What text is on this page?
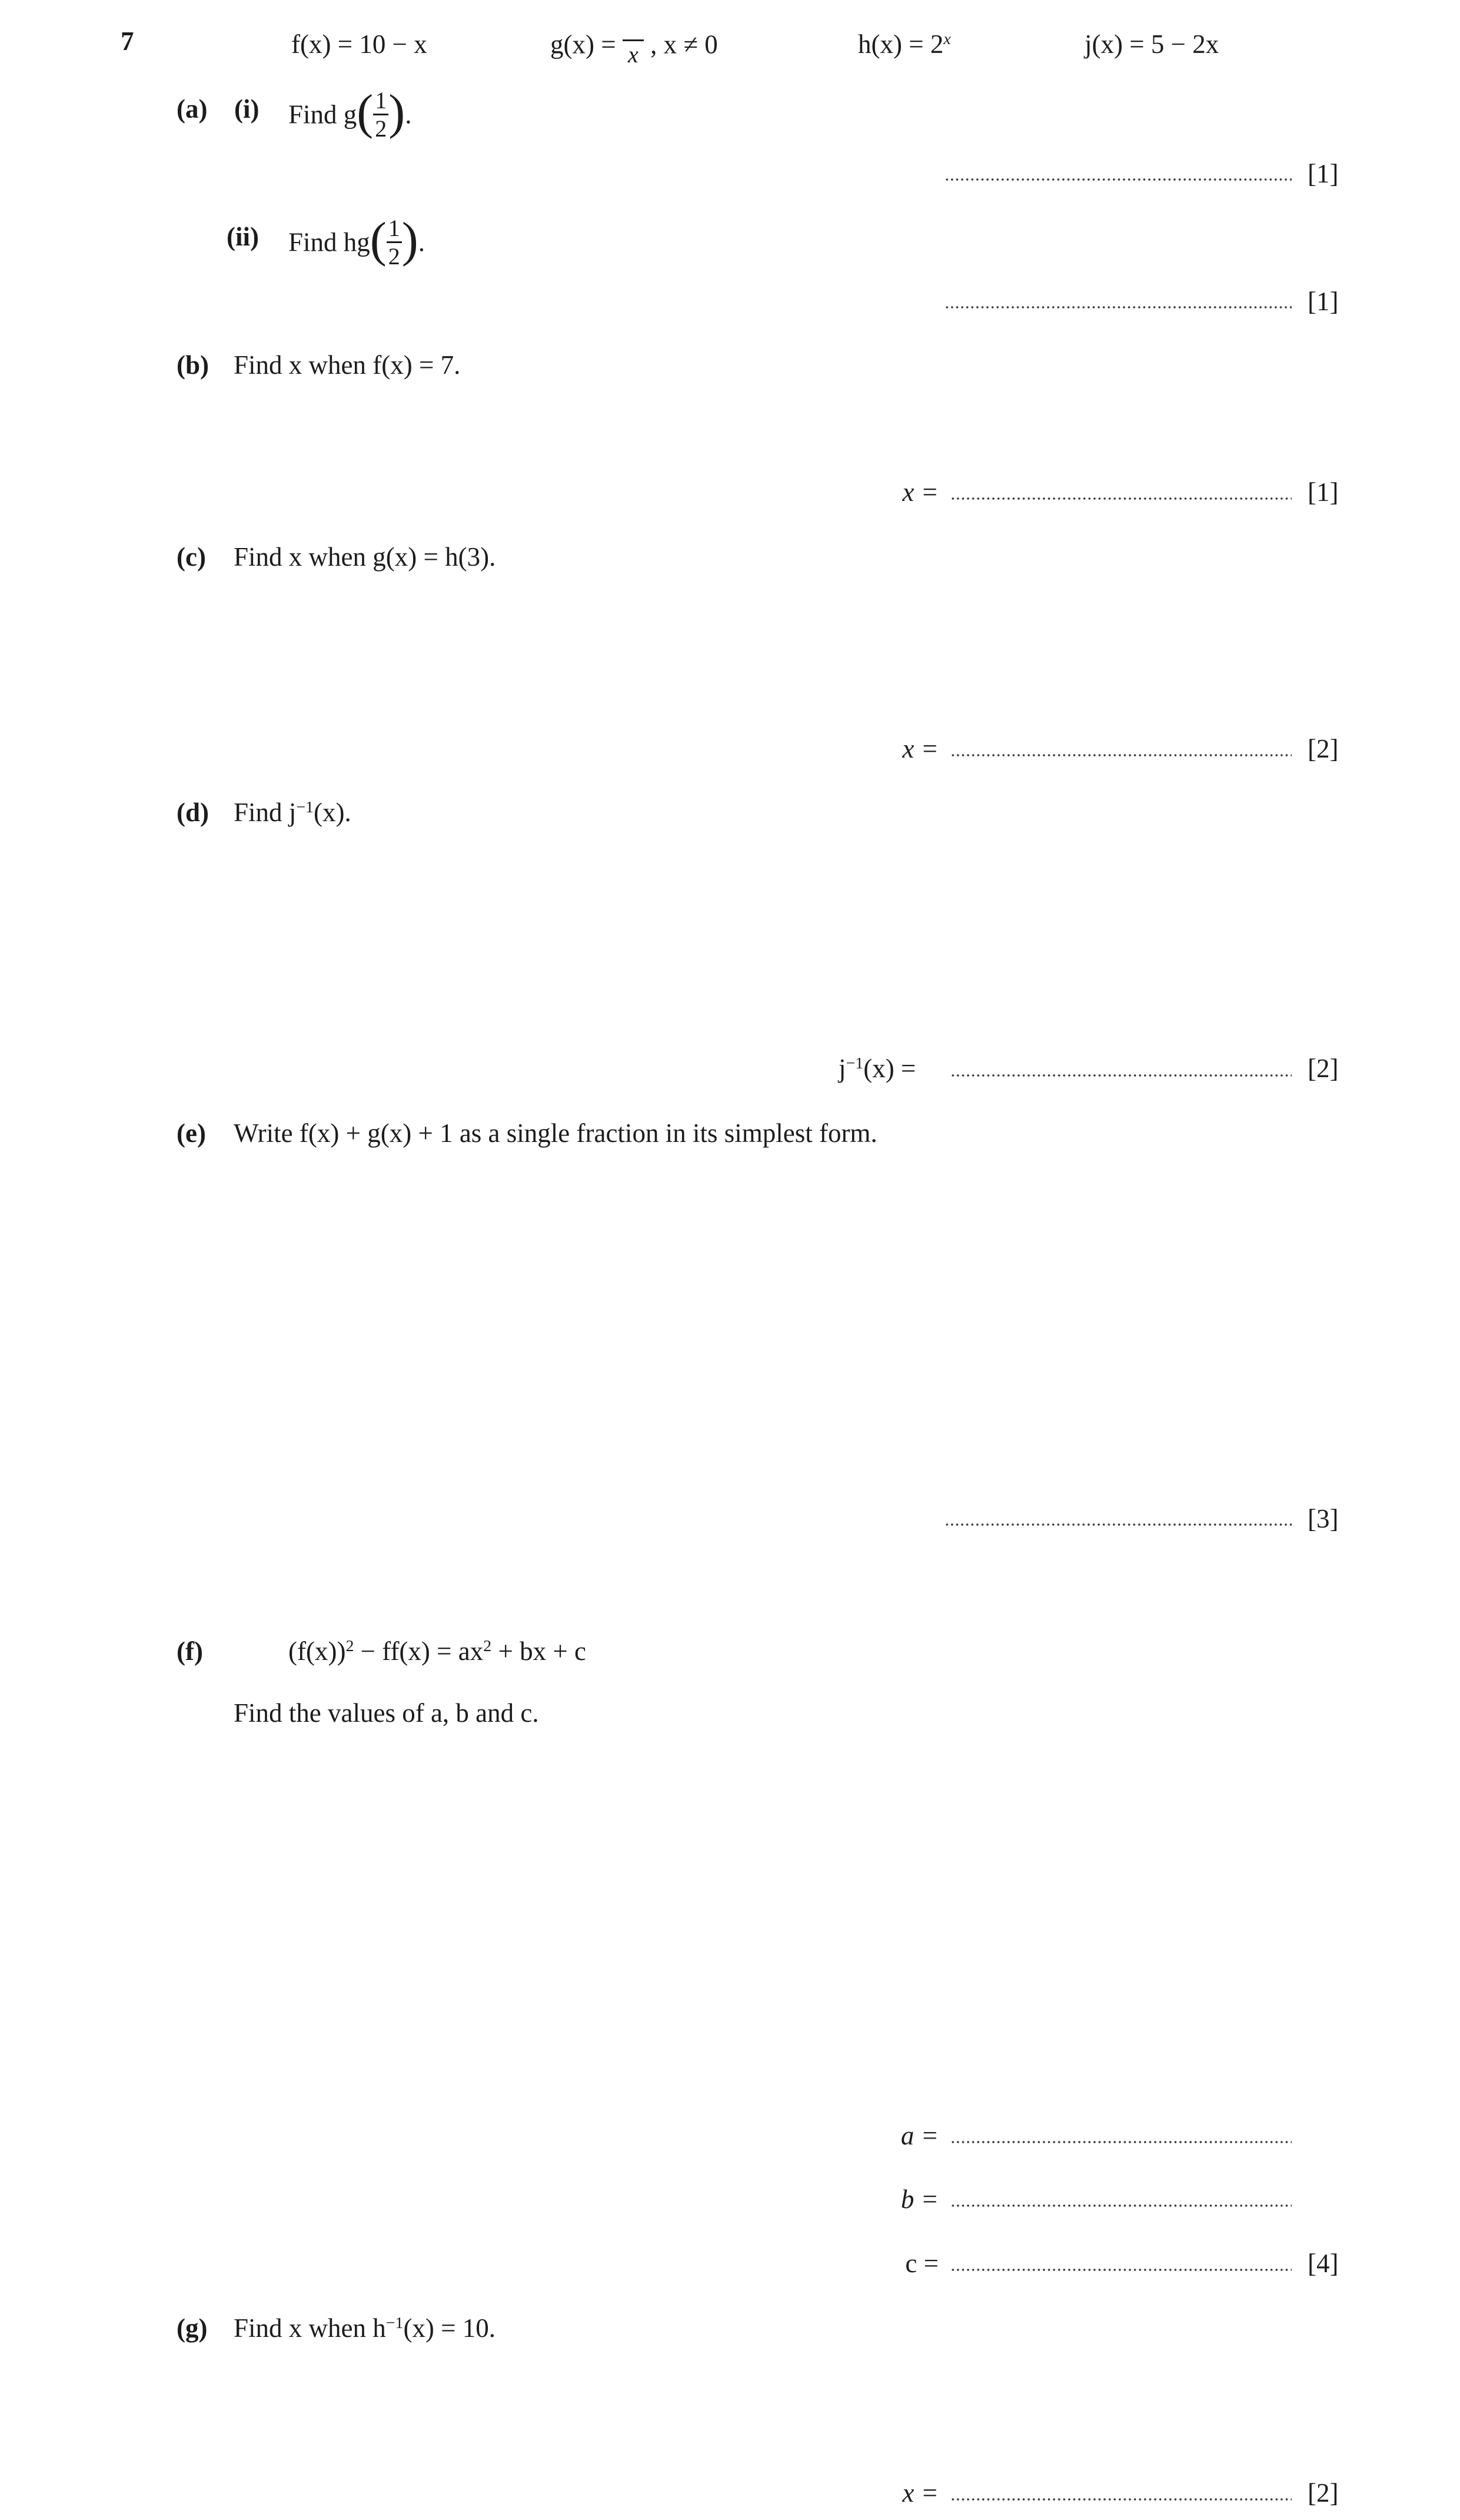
7	f(x) = 10 − x	g(x) = x , x ≠ 0	$h(x) = 2^x$	j(x) = 5 − 2x
(a) (i) Find $g( \frac{1}{2}$ ).
[1]
(ii) Find $hg( \frac{1}{2}$ ).
[1]
(b) Find x when f(x) = 7.
x =	[1]
(c) Find x when g(x) = h(3).
x =	[2]
(d) Find $j^{-1}(x)$.
$j^{-1}(x)$ =	[2]
(e) Write f(x) + g(x) + 1 as a single fraction in its simplest form.
[3]
(f)	$(f(x))^2 - ff(x) = ax^2$ + bx + c
Find the values of a, b and c.
a =
b =
c =	[4]
(g) Find x when $h^{-1}(x) = 10$.
x =	[2]
